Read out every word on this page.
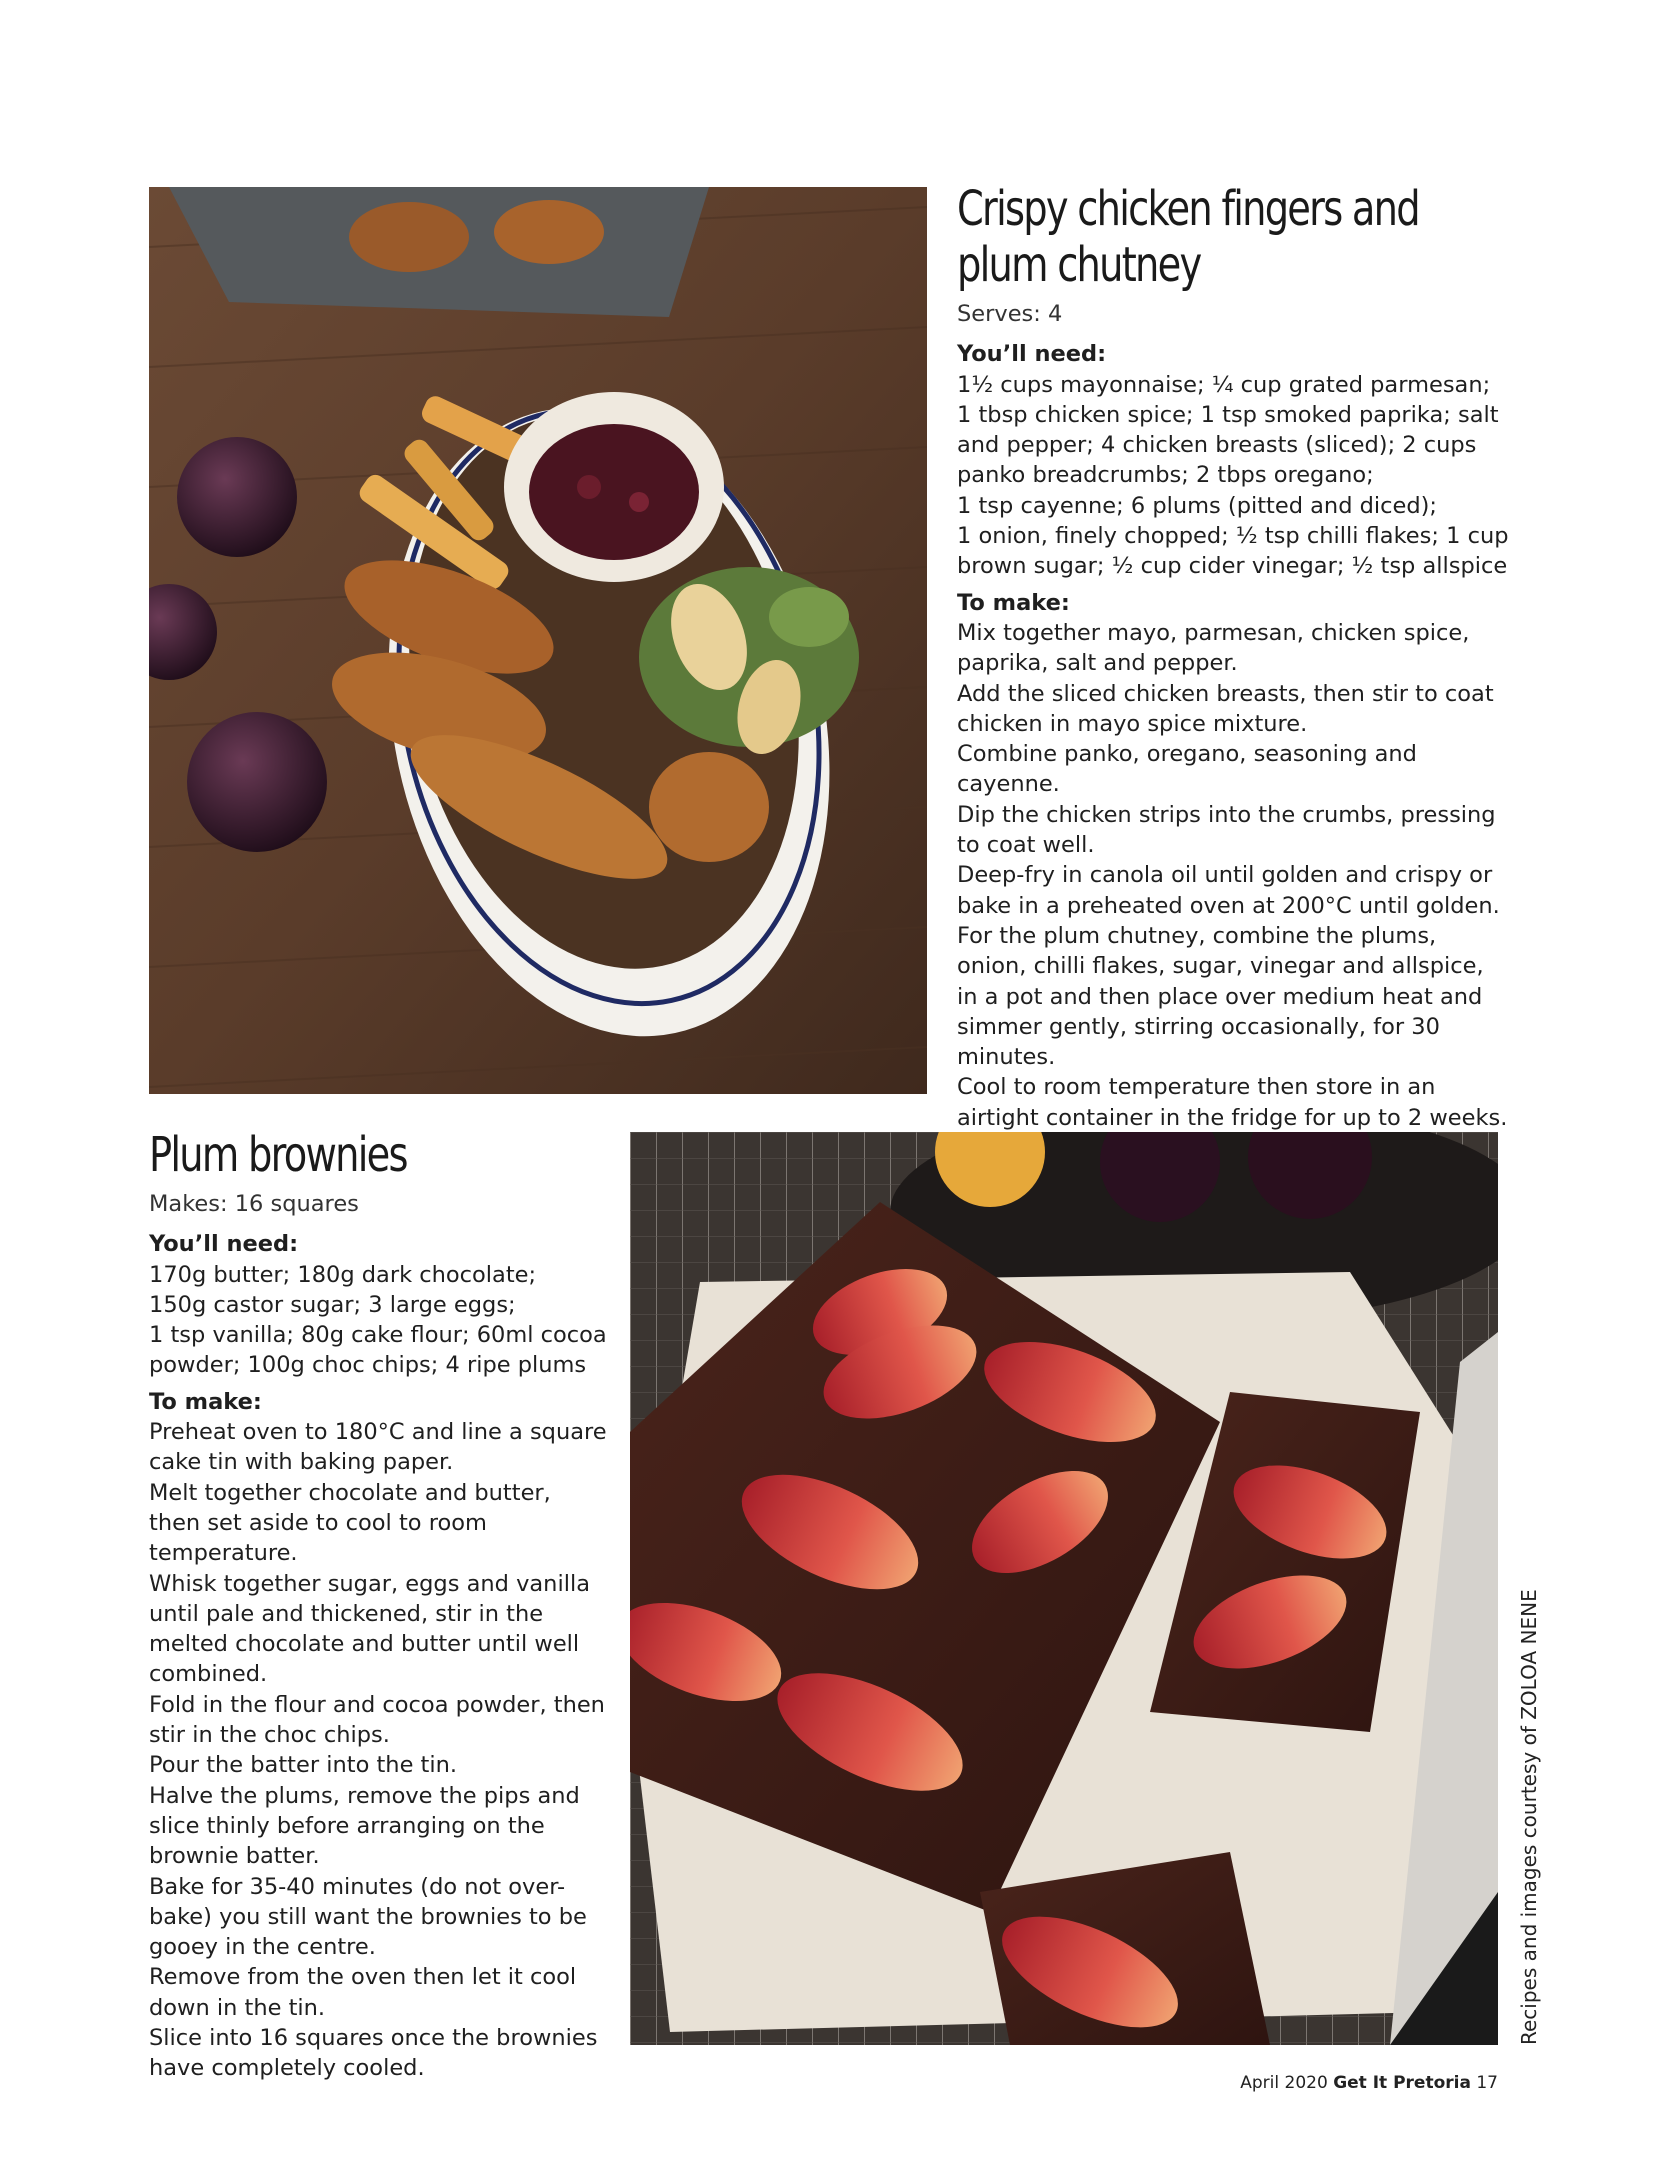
Crispy chicken fingers and plum chutney

Serves: 4

You’ll need:

1½ cups mayonnaise; ¼ cup grated parmesan;

1 tbsp chicken spice; 1 tsp smoked paprika; salt and pepper; 4 chicken breasts (sliced); 2 cups panko breadcrumbs; 2 tbps oregano;

1 tsp cayenne; 6 plums (pitted and diced);

1 onion, finely chopped; ½ tsp chilli flakes; 1 cup brown sugar; ½ cup cider vinegar; ½ tsp allspice

To make:

Mix together mayo, parmesan, chicken spice, paprika, salt and pepper.

Add the sliced chicken breasts, then stir to coat chicken in mayo spice mixture.

Combine panko, oregano, seasoning and cayenne.

Dip the chicken strips into the crumbs, pressing to coat well.

Deep-fry in canola oil until golden and crispy or bake in a preheated oven at 200°C until golden.

For the plum chutney, combine the plums, onion, chilli flakes, sugar, vinegar and allspice, in a pot and then place over medium heat and simmer gently, stirring occasionally, for 30 minutes.

Cool to room temperature then store in an airtight container in the fridge for up to 2 weeks.

Plum brownies

Makes: 16 squares

You’ll need:

170g butter; 180g dark chocolate;

150g castor sugar; 3 large eggs;

1 tsp vanilla; 80g cake flour; 60ml cocoa powder; 100g choc chips; 4 ripe plums

To make:

Preheat oven to 180°C and line a square cake tin with baking paper.

Melt together chocolate and butter, then set aside to cool to room temperature.

Whisk together sugar, eggs and vanilla until pale and thickened, stir in the melted chocolate and butter until well combined.

Fold in the flour and cocoa powder, then stir in the choc chips.

Pour the batter into the tin.

Halve the plums, remove the pips and slice thinly before arranging on the brownie batter.

Bake for 35-40 minutes (do not over-bake) you still want the brownies to be gooey in the centre.

Remove from the oven then let it cool down in the tin.

Slice into 16 squares once the brownies have completely cooled.

Recipes and images courtesy of ZOLOA NENE
April 2020 Get It Pretoria 17
